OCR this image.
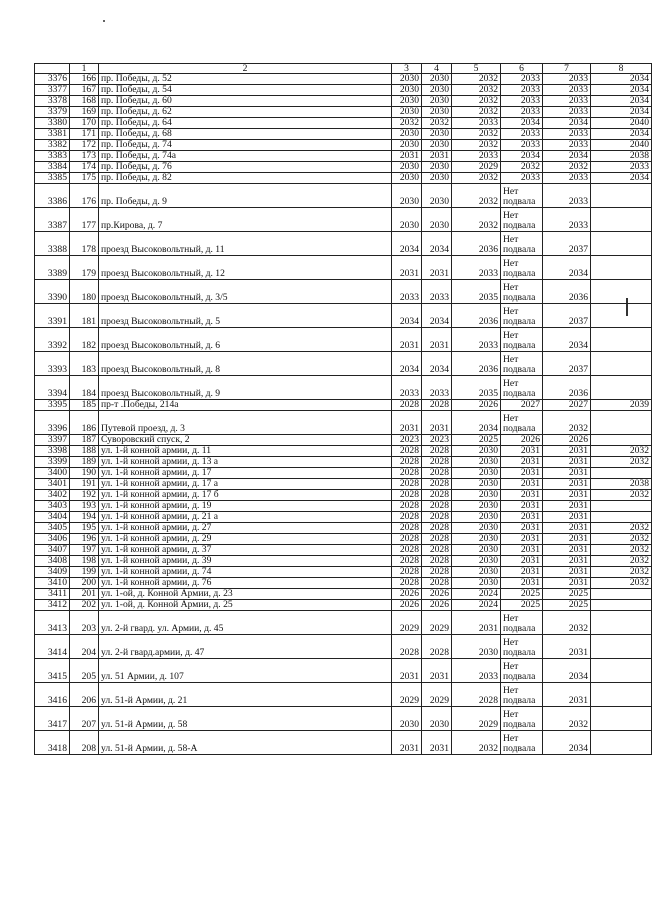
	1	2	3	4	5	6	7	8
3376	166	пр. Победы, д. 52	2030	2030	2032	2033	2033	2034
3377	167	пр. Победы, д. 54	2030	2030	2032	2033	2033	2034
3378	168	пр. Победы, д. 60	2030	2030	2032	2033	2033	2034
3379	169	пр. Победы, д. 62	2030	2030	2032	2033	2033	2034
3380	170	пр. Победы, д. 64	2032	2032	2033	2034	2034	2040
3381	171	пр. Победы, д. 68	2030	2030	2032	2033	2033	2034
3382	172	пр. Победы, д. 74	2030	2030	2032	2033	2033	2040
3383	173	пр. Победы, д. 74а	2031	2031	2033	2034	2034	2038
3384	174	пр. Победы, д. 76	2030	2030	2029	2032	2032	2033
3385	175	пр. Победы, д. 82	2030	2030	2032	2033	2033	2034
3386	176	пр. Победы, д. 9	2030	2030	2032	Нет подвала	2033	
3387	177	пр.Кирова, д. 7	2030	2030	2032	Нет подвала	2033	
3388	178	проезд Высоковольтный, д. 11	2034	2034	2036	Нет подвала	2037	
3389	179	проезд Высоковольтный, д. 12	2031	2031	2033	Нет подвала	2034	
3390	180	проезд Высоковольтный, д. 3/5	2033	2033	2035	Нет подвала	2036	
3391	181	проезд Высоковольтный, д. 5	2034	2034	2036	Нет подвала	2037	
3392	182	проезд Высоковольтный, д. 6	2031	2031	2033	Нет подвала	2034	
3393	183	проезд Высоковольтный, д. 8	2034	2034	2036	Нет подвала	2037	
3394	184	проезд Высоковольтный, д. 9	2033	2033	2035	Нет подвала	2036	
3395	185	пр-т .Победы, 214а	2028	2028	2026	2027	2027	2039
3396	186	Путевой проезд, д. 3	2031	2031	2034	Нет подвала	2032	
3397	187	Суворовский спуск, 2	2023	2023	2025	2026	2026	
3398	188	ул. 1-й конной армии, д. 11	2028	2028	2030	2031	2031	2032
3399	189	ул. 1-й конной армии, д. 13 а	2028	2028	2030	2031	2031	2032
3400	190	ул. 1-й конной армии, д. 17	2028	2028	2030	2031	2031	
3401	191	ул. 1-й конной армии, д. 17 а	2028	2028	2030	2031	2031	2038
3402	192	ул. 1-й конной армии, д. 17 б	2028	2028	2030	2031	2031	2032
3403	193	ул. 1-й конной армии, д. 19	2028	2028	2030	2031	2031	
3404	194	ул. 1-й конной армии, д. 21 а	2028	2028	2030	2031	2031	
3405	195	ул. 1-й конной армии, д. 27	2028	2028	2030	2031	2031	2032
3406	196	ул. 1-й конной армии, д. 29	2028	2028	2030	2031	2031	2032
3407	197	ул. 1-й конной армии, д. 37	2028	2028	2030	2031	2031	2032
3408	198	ул. 1-й конной армии, д. 39	2028	2028	2030	2031	2031	2032
3409	199	ул. 1-й конной армии, д. 74	2028	2028	2030	2031	2031	2032
3410	200	ул. 1-й конной армии, д. 76	2028	2028	2030	2031	2031	2032
3411	201	ул. 1-ой, д. Конной Армии, д. 23	2026	2026	2024	2025	2025	
3412	202	ул. 1-ой, д. Конной Армии, д. 25	2026	2026	2024	2025	2025	
3413	203	ул. 2-й гвард. ул. Армии, д. 45	2029	2029	2031	Нет подвала	2032	
3414	204	ул. 2-й гвард.армии, д. 47	2028	2028	2030	Нет подвала	2031	
3415	205	ул. 51 Армии, д. 107	2031	2031	2033	Нет подвала	2034	
3416	206	ул. 51-й Армии, д. 21	2029	2029	2028	Нет подвала	2031	
3417	207	ул. 51-й Армии, д. 58	2030	2030	2029	Нет подвала	2032	
3418	208	ул. 51-й Армии, д. 58-А	2031	2031	2032	Нет подвала	2034	
